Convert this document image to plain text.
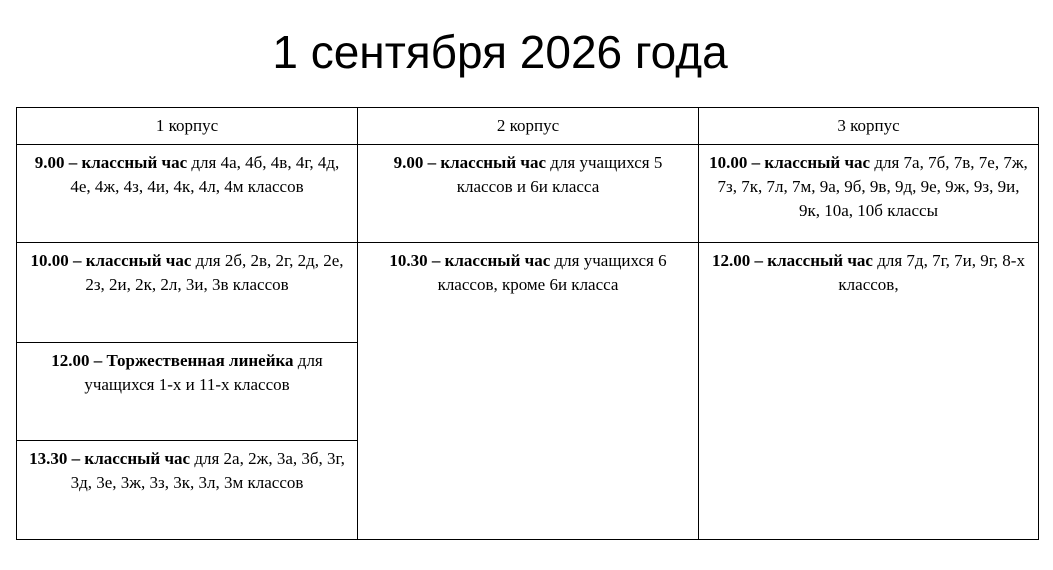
1 сентября 2026 года
1 корпус	2 корпус	3 корпус
9.00 – классный час для 4а, 4б, 4в, 4г, 4д, 4е, 4ж, 4з, 4и, 4к, 4л, 4м классов	9.00 – классный час для учащихся 5 классов и 6и класса	10.00 – классный час для 7а, 7б, 7в, 7е, 7ж, 7з, 7к, 7л, 7м, 9а, 9б, 9в, 9д, 9е, 9ж, 9з, 9и, 9к, 10а, 10б классы
10.00 – классный час для 2б, 2в, 2г, 2д, 2е, 2з, 2и, 2к, 2л, 3и, 3в классов	10.30 – классный час для учащихся 6 классов, кроме 6и класса	12.00 – классный час для 7д, 7г, 7и, 9г, 8-х классов,
12.00 – Торжественная линейка для учащихся 1-х и 11-х классов		
13.30 – классный час для 2а, 2ж, 3а, 3б, 3г, 3д, 3е, 3ж, 3з, 3к, 3л, 3м классов		
